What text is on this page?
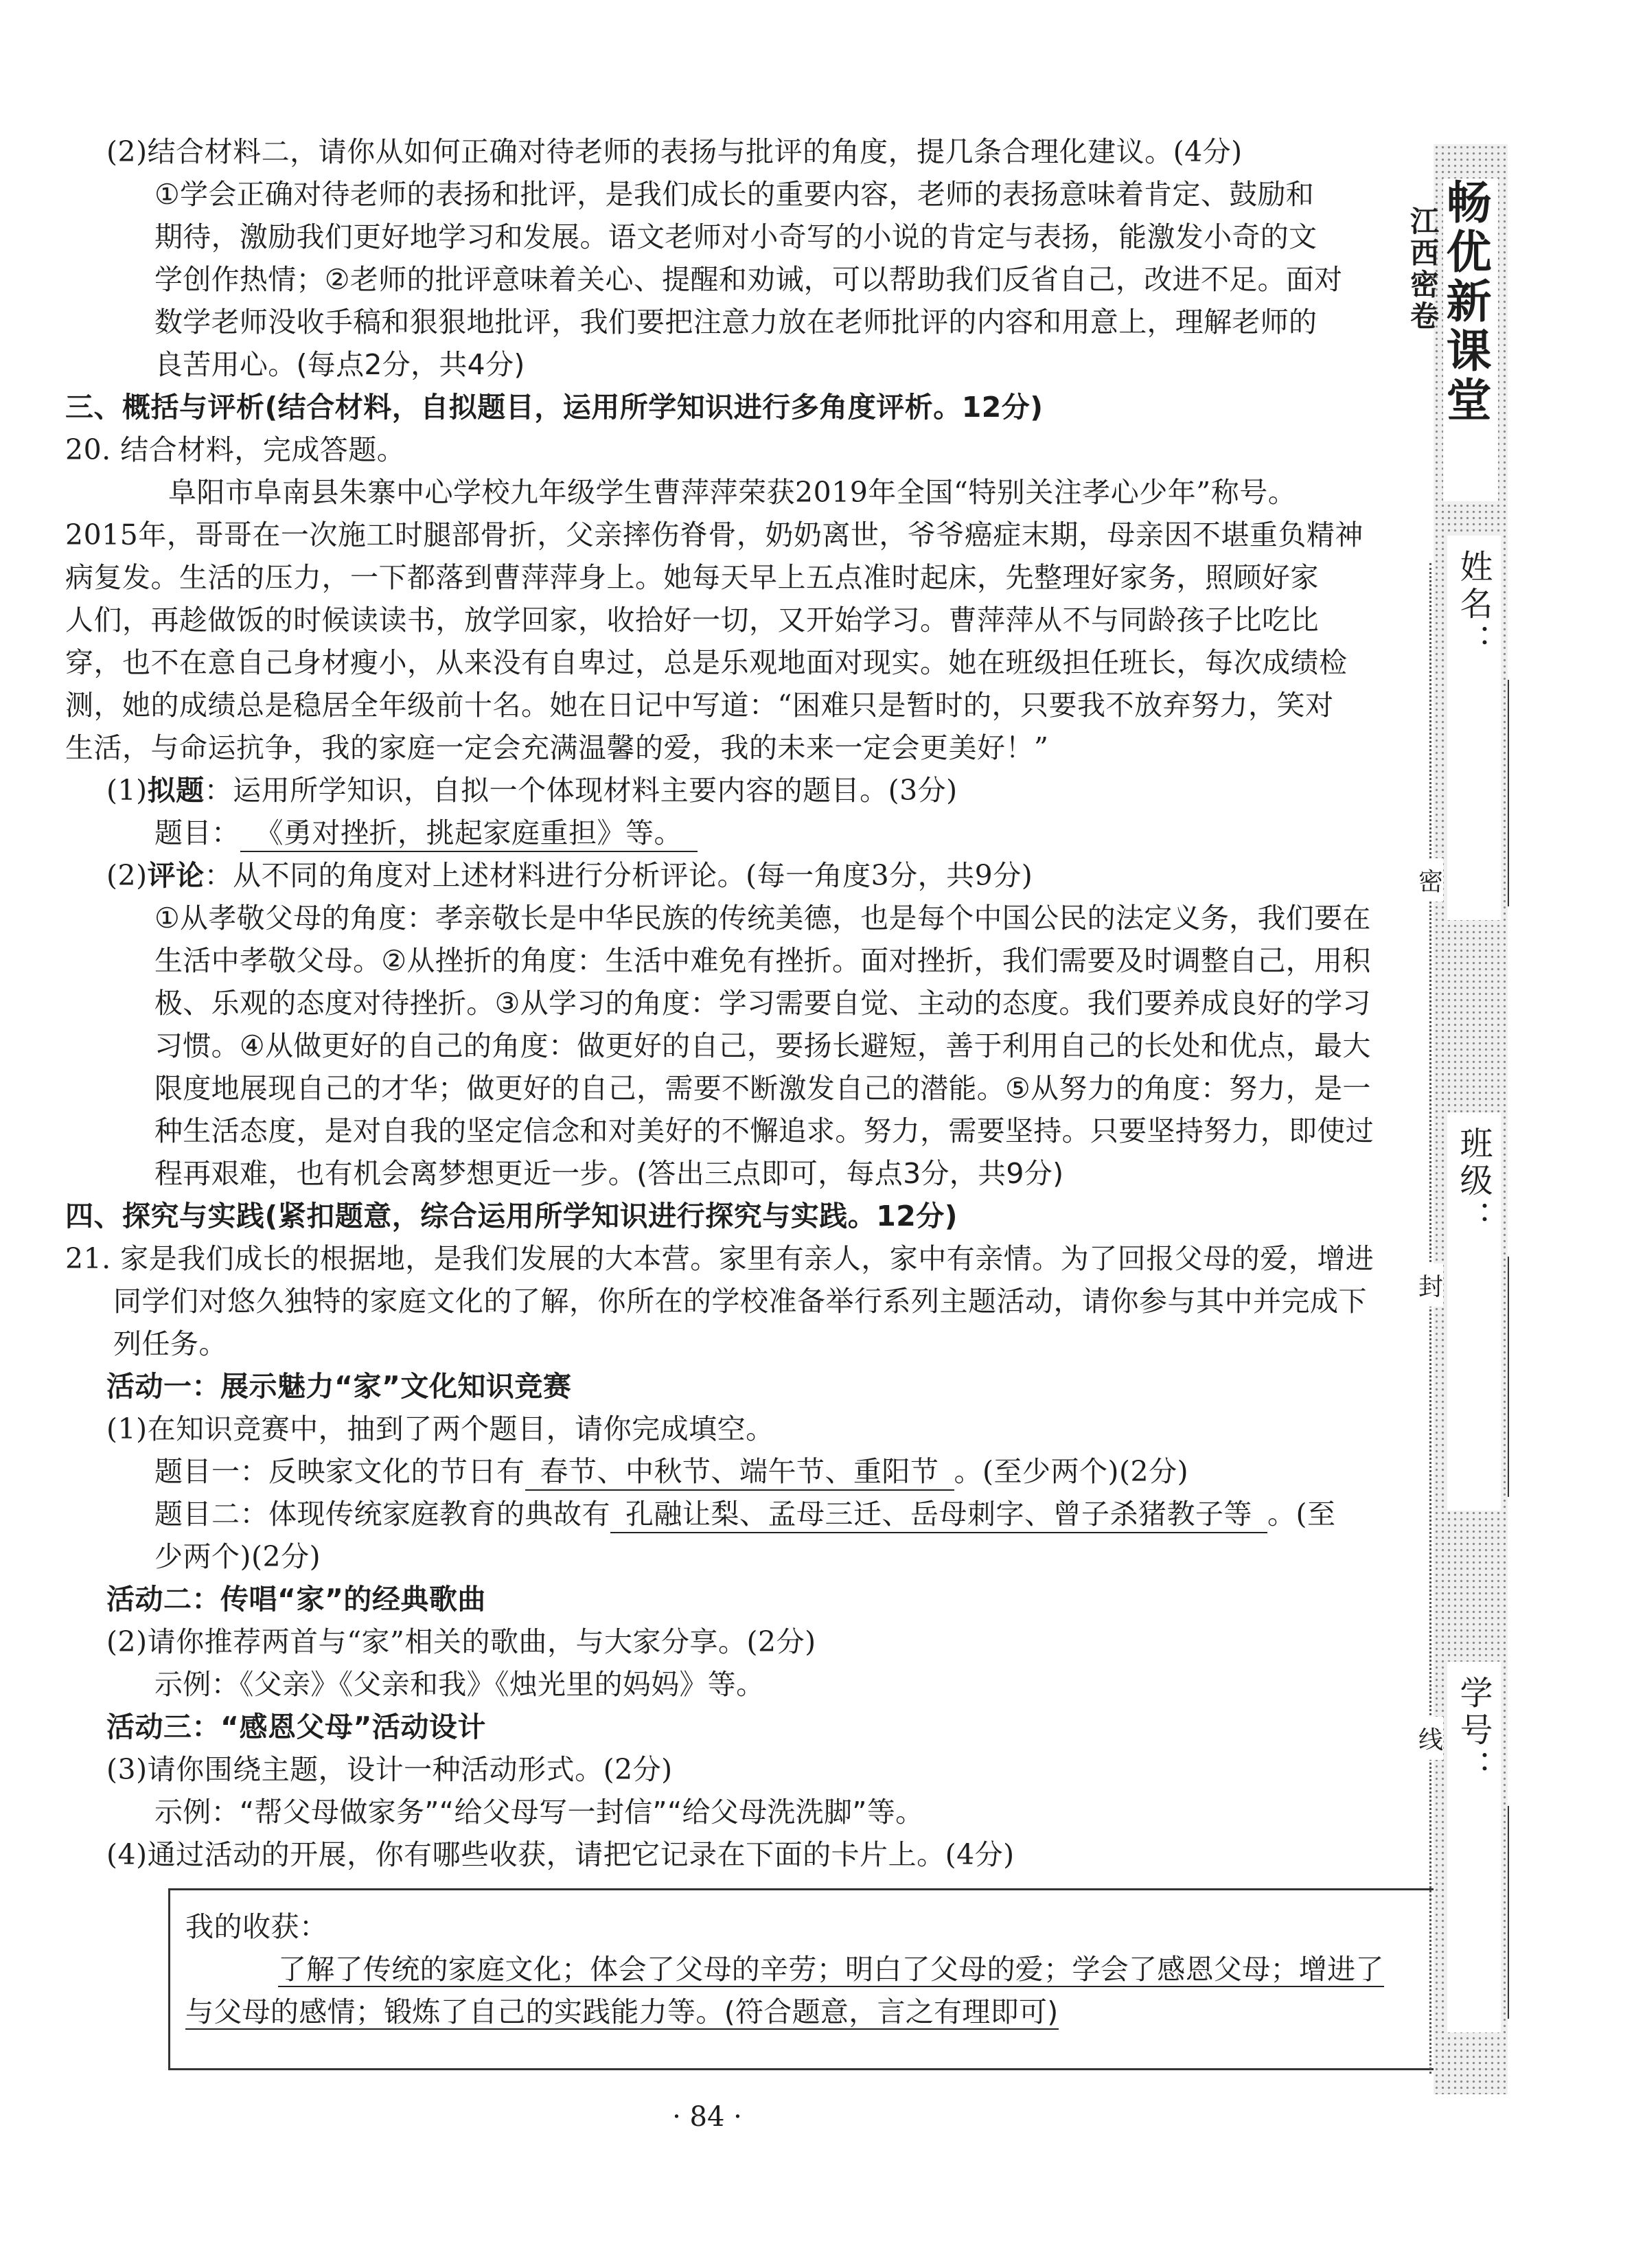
(2)结合材料二，请你从如何正确对待老师的表扬与批评的角度，提几条合理化建议。(4分)
①学会正确对待老师的表扬和批评，是我们成长的重要内容，老师的表扬意味着肯定、鼓励和
期待，激励我们更好地学习和发展。语文老师对小奇写的小说的肯定与表扬，能激发小奇的文
学创作热情；②老师的批评意味着关心、提醒和劝诫，可以帮助我们反省自己，改进不足。面对
数学老师没收手稿和狠狠地批评，我们要把注意力放在老师批评的内容和用意上，理解老师的
良苦用心。(每点2分，共4分)
三、概括与评析(结合材料，自拟题目，运用所学知识进行多角度评析。12分)
20. 结合材料，完成答题。
阜阳市阜南县朱寨中心学校九年级学生曹萍萍荣获2019年全国“特别关注孝心少年”称号。
2015年，哥哥在一次施工时腿部骨折，父亲摔伤脊骨，奶奶离世，爷爷癌症末期，母亲因不堪重负精神
病复发。生活的压力，一下都落到曹萍萍身上。她每天早上五点准时起床，先整理好家务，照顾好家
人们，再趁做饭的时候读读书，放学回家，收拾好一切，又开始学习。曹萍萍从不与同龄孩子比吃比
穿，也不在意自己身材瘦小，从来没有自卑过，总是乐观地面对现实。她在班级担任班长，每次成绩检
测，她的成绩总是稳居全年级前十名。她在日记中写道：“困难只是暂时的，只要我不放弃努力，笑对
生活，与命运抗争，我的家庭一定会充满温馨的爱，我的未来一定会更美好！”
(1)拟题：运用所学知识，自拟一个体现材料主要内容的题目。(3分)
题目： 《勇对挫折，挑起家庭重担》等。
(2)评论：从不同的角度对上述材料进行分析评论。(每一角度3分，共9分)
①从孝敬父母的角度：孝亲敬长是中华民族的传统美德，也是每个中国公民的法定义务，我们要在
生活中孝敬父母。②从挫折的角度：生活中难免有挫折。面对挫折，我们需要及时调整自己，用积
极、乐观的态度对待挫折。③从学习的角度：学习需要自觉、主动的态度。我们要养成良好的学习
习惯。④从做更好的自己的角度：做更好的自己，要扬长避短，善于利用自己的长处和优点，最大
限度地展现自己的才华；做更好的自己，需要不断激发自己的潜能。⑤从努力的角度：努力，是一
种生活态度，是对自我的坚定信念和对美好的不懈追求。努力，需要坚持。只要坚持努力，即使过
程再艰难，也有机会离梦想更近一步。(答出三点即可，每点3分，共9分)
四、探究与实践(紧扣题意，综合运用所学知识进行探究与实践。12分)
21. 家是我们成长的根据地，是我们发展的大本营。家里有亲人，家中有亲情。为了回报父母的爱，增进
同学们对悠久独特的家庭文化的了解，你所在的学校准备举行系列主题活动，请你参与其中并完成下
列任务。
活动一：展示魅力“家”文化知识竞赛
(1)在知识竞赛中，抽到了两个题目，请你完成填空。
题目一：反映家文化的节日有 春节、中秋节、端午节、重阳节 。(至少两个)(2分)
题目二：体现传统家庭教育的典故有 孔融让梨、孟母三迁、岳母刺字、曾子杀猪教子等 。(至
少两个)(2分)
活动二：传唱“家”的经典歌曲
(2)请你推荐两首与“家”相关的歌曲，与大家分享。(2分)
示例：《父亲》《父亲和我》《烛光里的妈妈》等。
活动三：“感恩父母”活动设计
(3)请你围绕主题，设计一种活动形式。(2分)
示例：“帮父母做家务”“给父母写一封信”“给父母洗洗脚”等。
(4)通过活动的开展，你有哪些收获，请把它记录在下面的卡片上。(4分)
我的收获：
了解了传统的家庭文化；体会了父母的辛劳；明白了父母的爱；学会了感恩父母；增进了
与父母的感情；锻炼了自己的实践能力等。(符合题意，言之有理即可)
· 84 ·
畅优新课堂
江西密卷
姓名：
班级：
学号：
密
封
线
